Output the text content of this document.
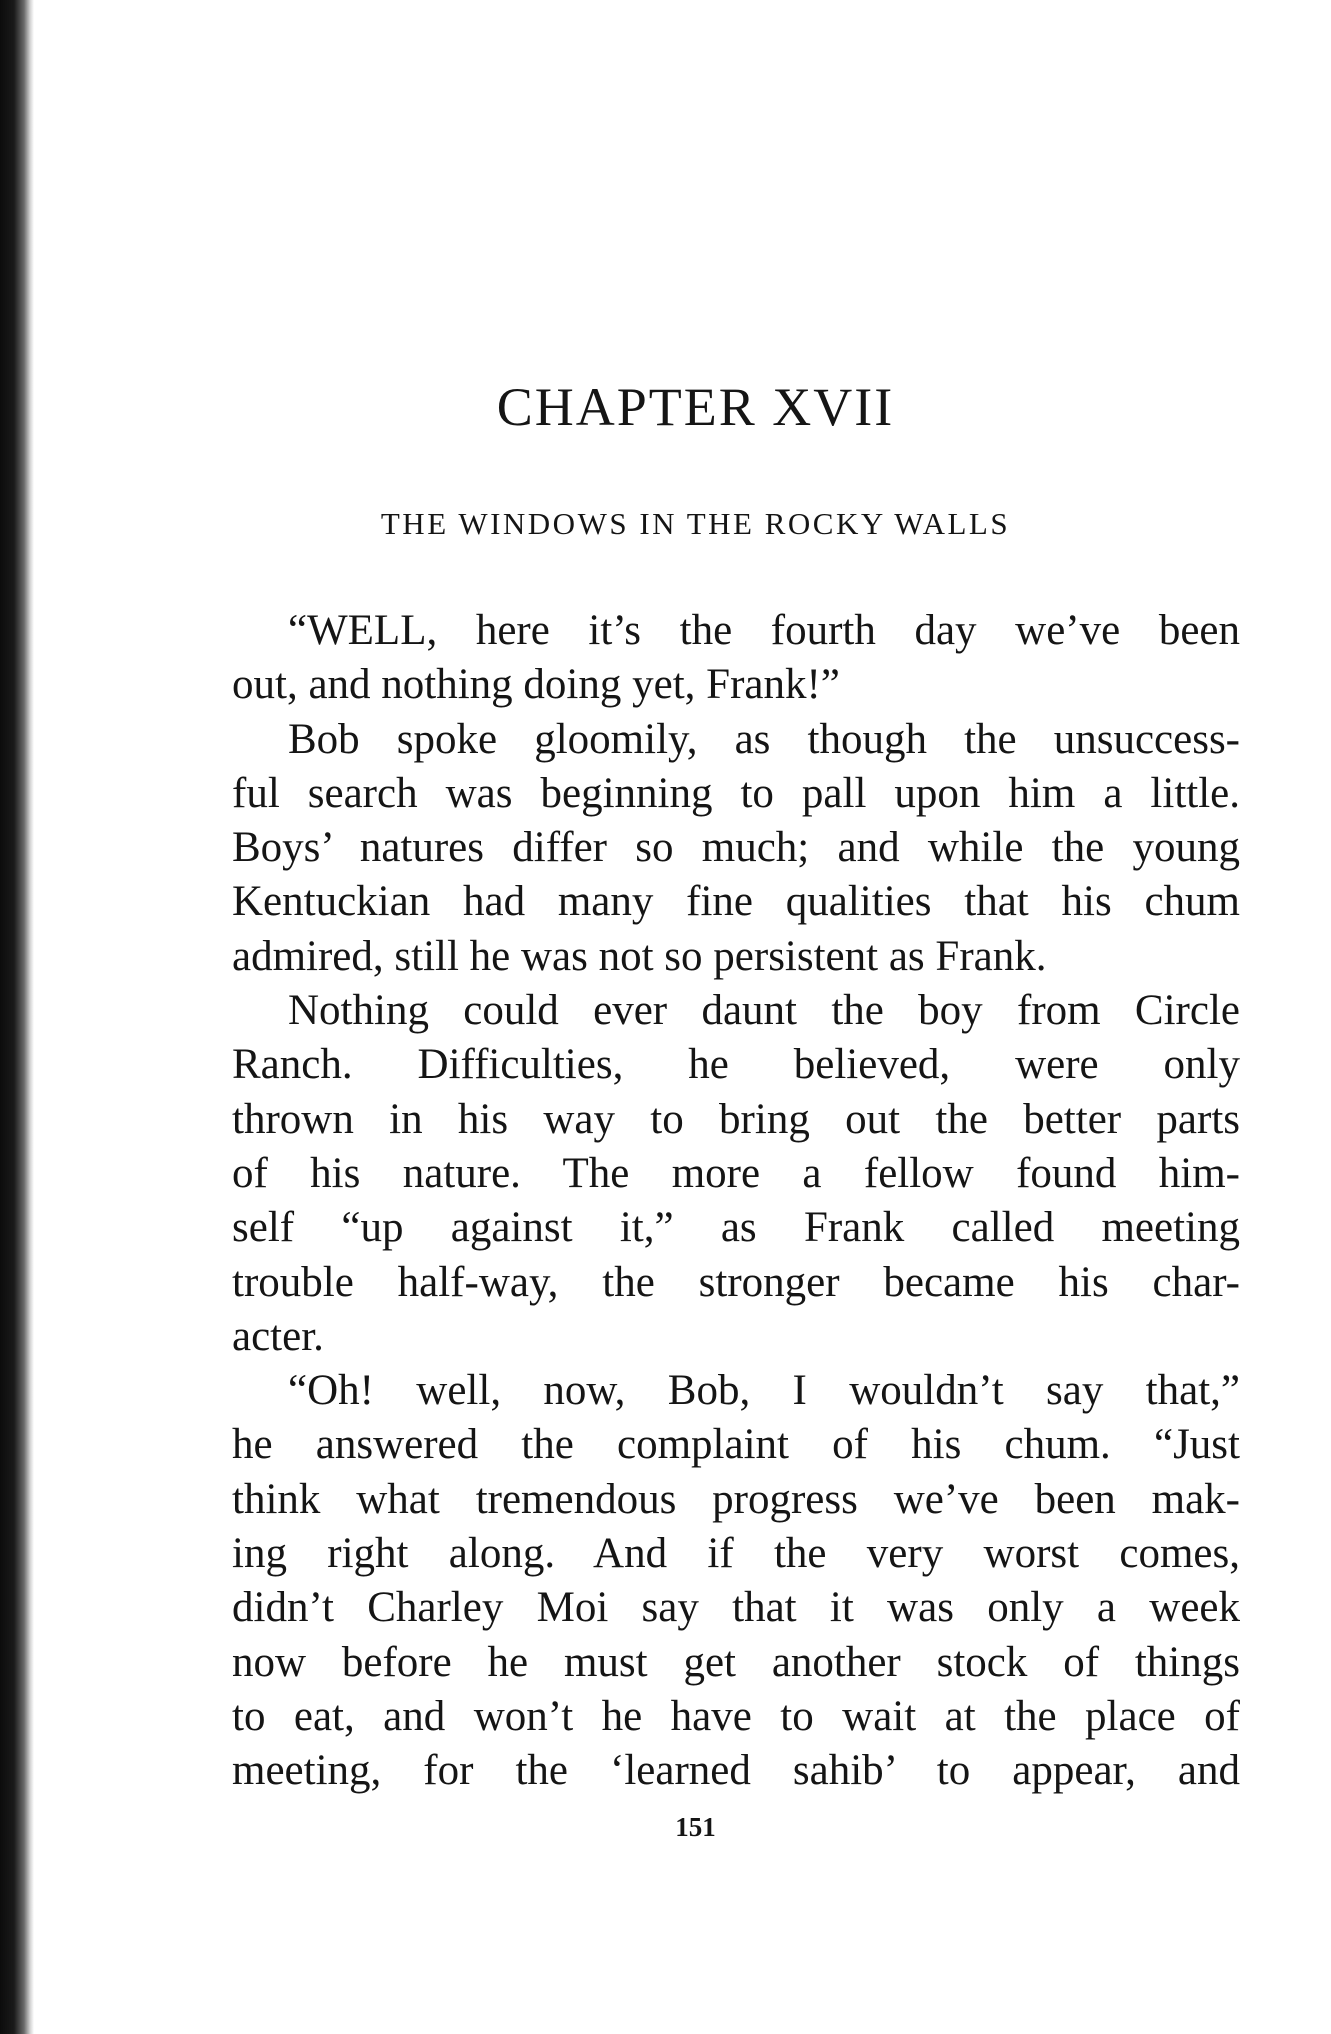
CHAPTER XVII
THE WINDOWS IN THE ROCKY WALLS
“WELL, here it’s the fourth day we’ve been
out, and nothing doing yet, Frank!”
Bob spoke gloomily, as though the unsuccess-
ful search was beginning to pall upon him a little.
Boys’ natures differ so much; and while the young
Kentuckian had many fine qualities that his chum
admired, still he was not so persistent as Frank.
Nothing could ever daunt the boy from Circle
Ranch. Difficulties, he believed, were only
thrown in his way to bring out the better parts
of his nature. The more a fellow found him-
self “up against it,” as Frank called meeting
trouble half-way, the stronger became his char-
acter.
“Oh! well, now, Bob, I wouldn’t say that,”
he answered the complaint of his chum. “Just
think what tremendous progress we’ve been mak-
ing right along. And if the very worst comes,
didn’t Charley Moi say that it was only a week
now before he must get another stock of things
to eat, and won’t he have to wait at the place of
meeting, for the ‘learned sahib’ to appear, and
151
